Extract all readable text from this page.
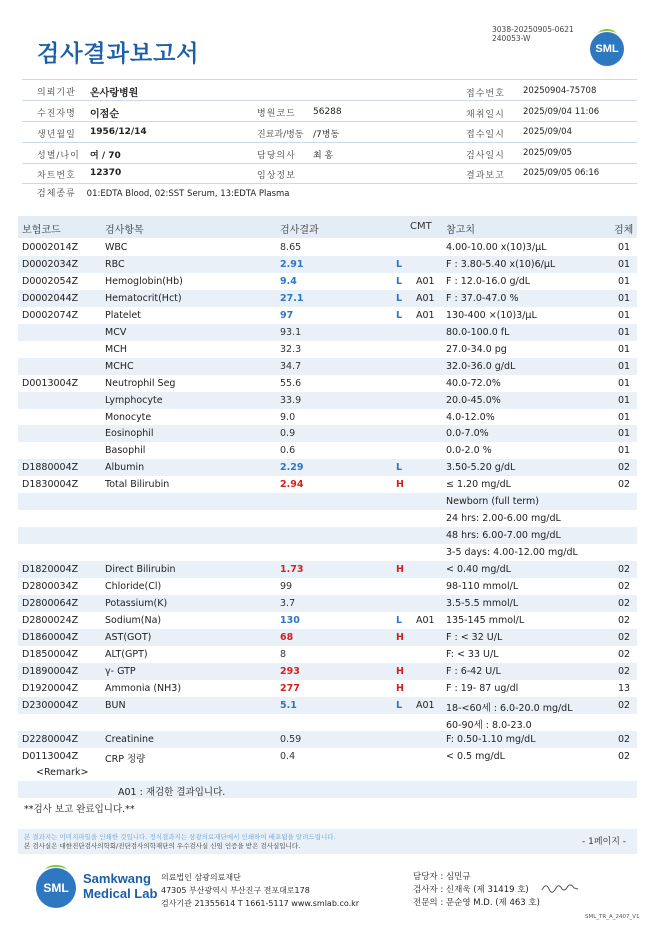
검사결과보고서
3038-20250905-0621
240053-W
SML
의뢰기관 온사랑병원
수진자명 이점순
생년월일 1956/12/14
성별/나이 여 / 70
차트번호 12370
병원코드 56288
진료과/병동 /7병동
담당의사 최 홍
임상정보
접수번호 20250904-75708
채취일시 2025/09/04 11:06
접수일시 2025/09/04
검사일시 2025/09/05
결과보고 2025/09/05 06:16
검체종류 01:EDTA Blood, 02:SST Serum, 13:EDTA Plasma
보험코드	검사항목	검사결과	CMT 참고치	검체
D0002014Z	WBC	8.65	4.00-10.00 x(10)3/μL	01
D0002034Z	RBC	2.91	L	F : 3.80-5.40 x(10)6/μL	01
D0002054Z	Hemoglobin(Hb)	9.4	L A01 F : 12.0-16.0 g/dL	01
D0002044Z	Hematocrit(Hct)	27.1	L A01 F : 37.0-47.0 %	01
D0002074Z	Platelet	97	L A01 130-400 ×(10)3/μL	01
MCV	93.1	80.0-100.0 fL	01
MCH	32.3	27.0-34.0 pg	01
MCHC	34.7	32.0-36.0 g/dL	01
D0013004Z	Neutrophil Seg	55.6	40.0-72.0%	01
Lymphocyte	33.9	20.0-45.0%	01
Monocyte	9.0	4.0-12.0%	01
Eosinophil	0.9	0.0-7.0%	01
Basophil	0.6	0.0-2.0 %	01
D1880004Z	Albumin	2.29	L	3.50-5.20 g/dL	02
D1830004Z	Total Bilirubin	2.94	H	≤ 1.20 mg/dL	02
Newborn (full term)
24 hrs: 2.00-6.00 mg/dL
48 hrs: 6.00-7.00 mg/dL
3-5 days: 4.00-12.00 mg/dL
D1820004Z	Direct Bilirubin	1.73	H	< 0.40 mg/dL	02
D2800034Z	Chloride(Cl)	99	98-110 mmol/L	02
D2800064Z	Potassium(K)	3.7	3.5-5.5 mmol/L	02
D2800024Z	Sodium(Na)	130	L A01 135-145 mmol/L	02
D1860004Z	AST(GOT)	68	H	F : < 32 U/L	02
D1850004Z	ALT(GPT)	8	F: < 33 U/L	02
D1890004Z	γ- GTP	293	H	F : 6-42 U/L	02
D1920004Z	Ammonia (NH3)	277	H	F : 19- 87 ug/dl	13
D2300004Z	BUN	5.1	L A01 18-<60세 : 6.0-20.0 mg/dL	02
60-90세 : 8.0-23.0
D2280004Z	Creatinine	0.59	F: 0.50-1.10 mg/dL	02
D0113004Z	CRP 정량	0.4	< 0.5 mg/dL	02
<Remark>
A01 : 재검한 결과입니다.
**검사 보고 완료입니다.**
본 결과지는 이미지파일을 인쇄한 것입니다. 정식결과지는 삼광의료재단에서 인쇄하여 배포됨을 알려드립니다.
본 검사실은 대한진단검사의학회/진단검사의학재단의 우수검사실 신임 인증을 받은 검사실입니다.	- 1페이지 -
SML
Samkwang
Medical Lab
의료법인 삼광의료재단
47305 부산광역시 부산진구 전포대로178
검사기관 21355614 T 1661-5117 www.smlab.co.kr
담당자 : 심민규
검사자 : 신재욱 (제 31419 호)
전문의 : 문순영 M.D. (제 463 호)
SML_TR_A_2407_V1
